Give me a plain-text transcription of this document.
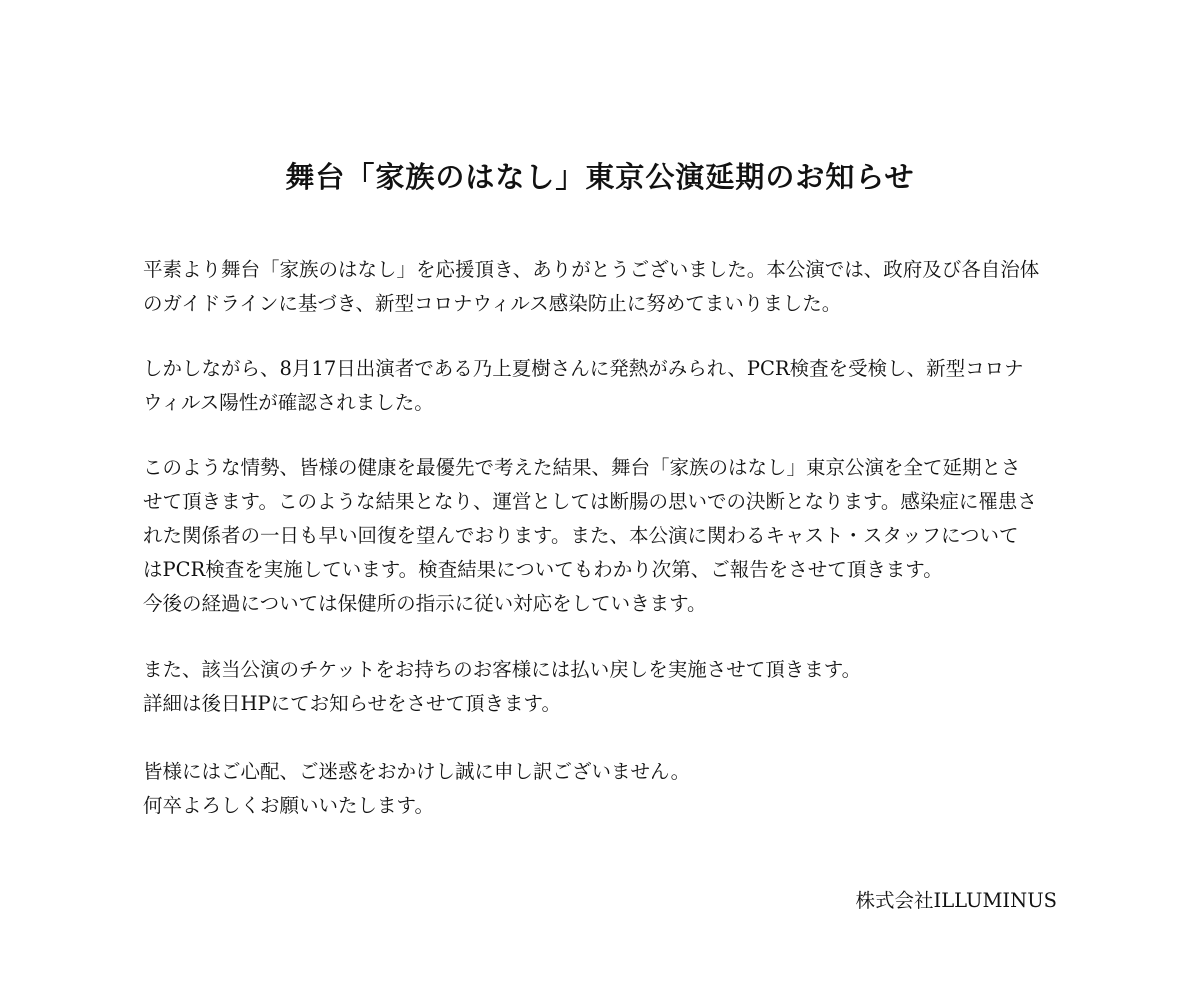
舞台「家族のはなし」東京公演延期のお知らせ

平素より舞台「家族のはなし」を応援頂き、ありがとうございました。本公演では、政府及び各自治体
のガイドラインに基づき、新型コロナウィルス感染防止に努めてまいりました。

しかしながら、8月17日出演者である乃上夏樹さんに発熱がみられ、PCR検査を受検し、新型コロナ
ウィルス陽性が確認されました。

このような情勢、皆様の健康を最優先で考えた結果、舞台「家族のはなし」東京公演を全て延期とさ
せて頂きます。このような結果となり、運営としては断腸の思いでの決断となります。感染症に罹患さ
れた関係者の一日も早い回復を望んでおります。また、本公演に関わるキャスト・スタッフについて
はPCR検査を実施しています。検査結果についてもわかり次第、ご報告をさせて頂きます。
今後の経過については保健所の指示に従い対応をしていきます。

また、該当公演のチケットをお持ちのお客様には払い戻しを実施させて頂きます。
詳細は後日HPにてお知らせをさせて頂きます。

皆様にはご心配、ご迷惑をおかけし誠に申し訳ございません。
何卒よろしくお願いいたします。

株式会社ILLUMINUS
